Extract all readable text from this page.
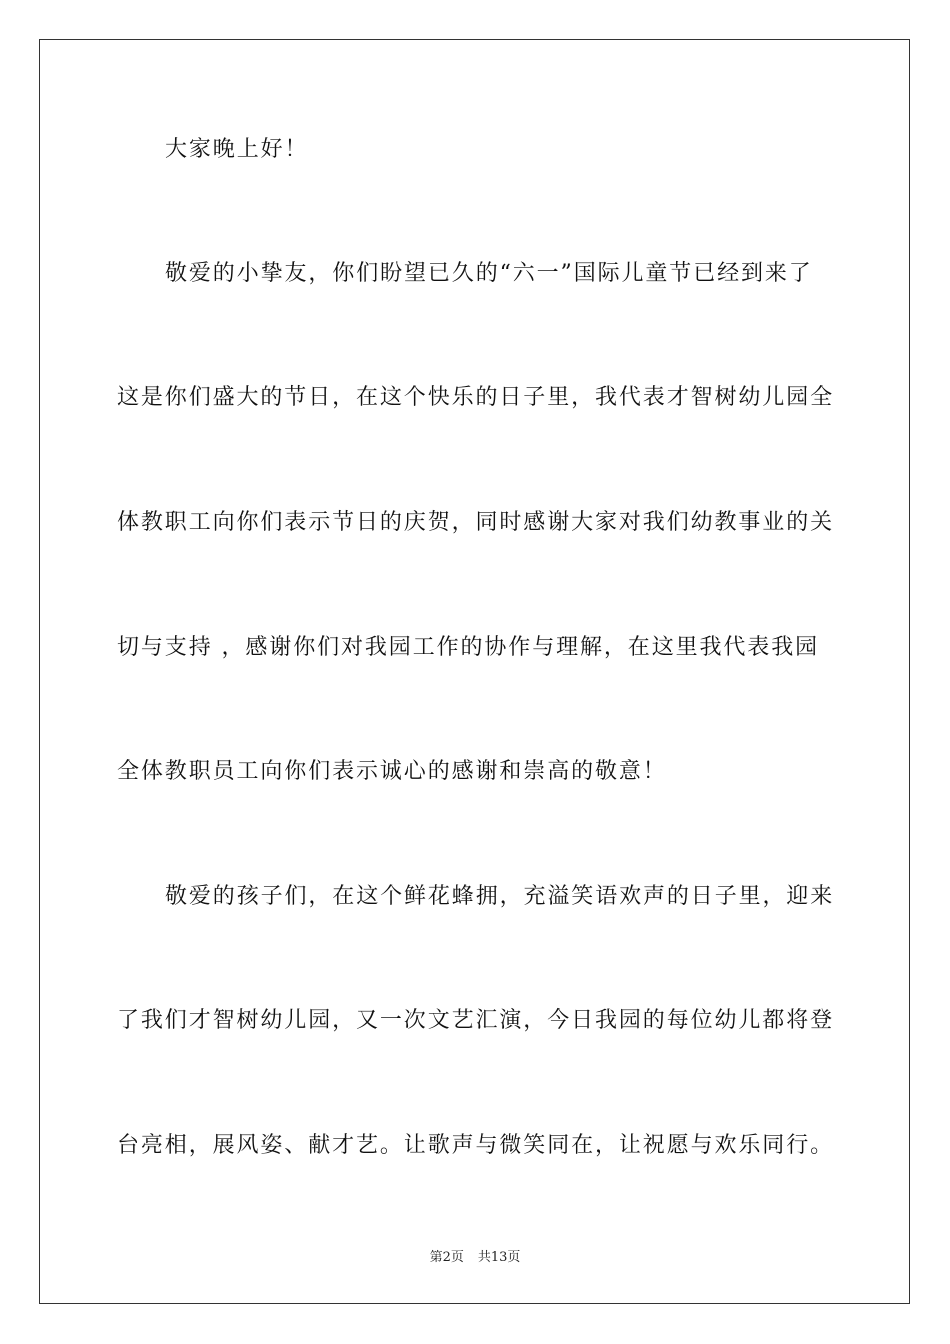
大家晚上好！
敬爱的小挚友，你们盼望已久的“六一”国际儿童节已经到来了
这是你们盛大的节日，在这个快乐的日子里，我代表才智树幼儿园全
体教职工向你们表示节日的庆贺，同时感谢大家对我们幼教事业的关
切与支持 ，感谢你们对我园工作的协作与理解，在这里我代表我园
全体教职员工向你们表示诚心的感谢和崇高的敬意！
敬爱的孩子们，在这个鲜花蜂拥，充溢笑语欢声的日子里，迎来
了我们才智树幼儿园，又一次文艺汇演，今日我园的每位幼儿都将登
台亮相，展风姿、献才艺。让歌声与微笑同在，让祝愿与欢乐同行。
第2页 共13页
